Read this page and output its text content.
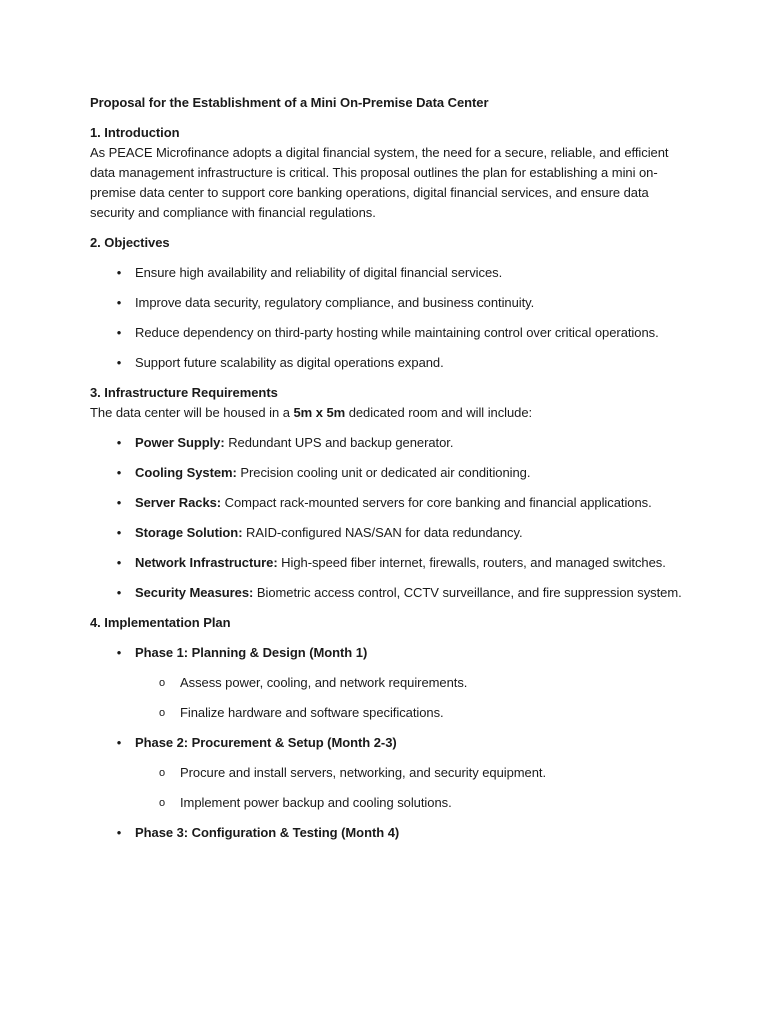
Proposal for the Establishment of a Mini On-Premise Data Center
1. Introduction

As PEACE Microfinance adopts a digital financial system, the need for a secure, reliable, and efficient data management infrastructure is critical. This proposal outlines the plan for establishing a mini on-premise data center to support core banking operations, digital financial services, and ensure data security and compliance with financial regulations.

2. Objectives
• Ensure high availability and reliability of digital financial services.
• Improve data security, regulatory compliance, and business continuity.
• Reduce dependency on third-party hosting while maintaining control over critical operations.
• Support future scalability as digital operations expand.
3. Infrastructure Requirements

The data center will be housed in a 5m x 5m dedicated room and will include:

• Power Supply: Redundant UPS and backup generator.
• Cooling System: Precision cooling unit or dedicated air conditioning.
• Server Racks: Compact rack-mounted servers for core banking and financial applications.
• Storage Solution: RAID-configured NAS/SAN for data redundancy.
• Network Infrastructure: High-speed fiber internet, firewalls, routers, and managed switches.
• Security Measures: Biometric access control, CCTV surveillance, and fire suppression system.
4. Implementation Plan
• Phase 1: Planning & Design (Month 1)
o Assess power, cooling, and network requirements.
o Finalize hardware and software specifications.
• Phase 2: Procurement & Setup (Month 2-3)
o Procure and install servers, networking, and security equipment.
o Implement power backup and cooling solutions.
• Phase 3: Configuration & Testing (Month 4)
